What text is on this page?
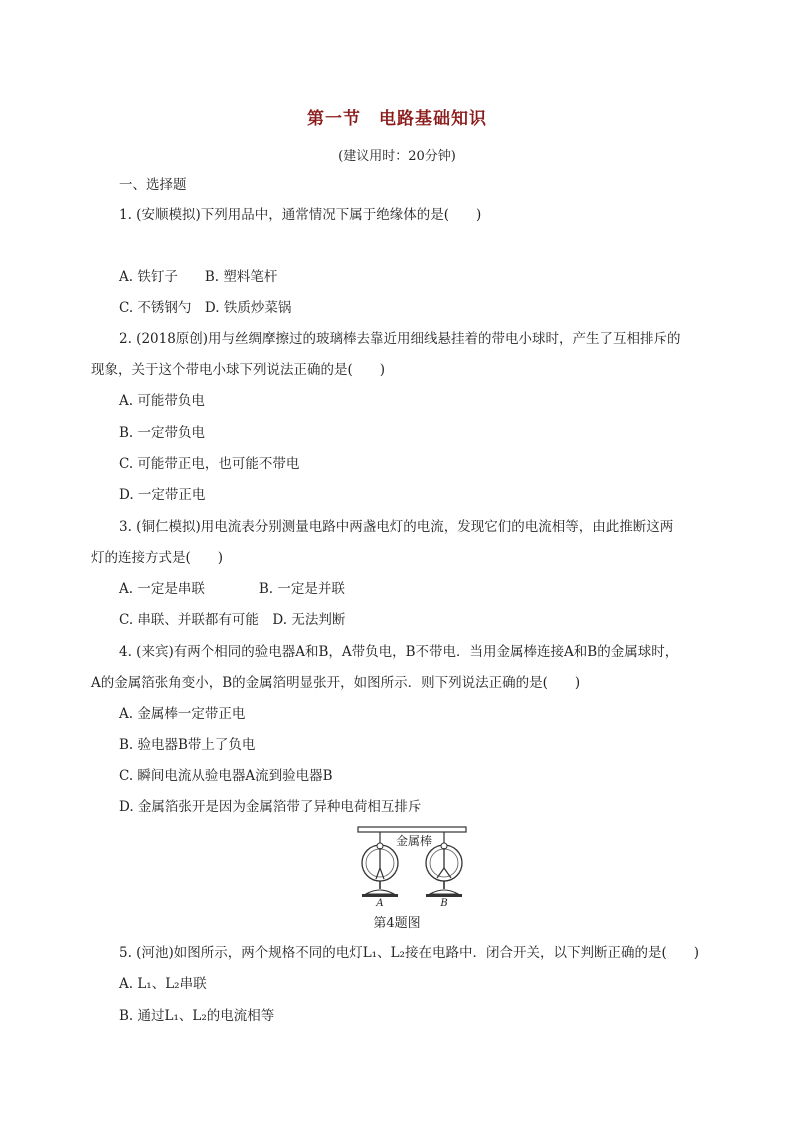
第一节　电路基础知识
(建议用时：20分钟)
一、选择题
1. (安顺模拟)下列用品中，通常情况下属于绝缘体的是(　　)
A. 铁钉子　　B. 塑料笔杆
C. 不锈钢勺　D. 铁质炒菜锅
2. (2018原创)用与丝绸摩擦过的玻璃棒去靠近用细线悬挂着的带电小球时，产生了互相排斥的
现象，关于这个带电小球下列说法正确的是(　　)
A. 可能带负电
B. 一定带负电
C. 可能带正电，也可能不带电
D. 一定带正电
3. (铜仁模拟)用电流表分别测量电路中两盏电灯的电流，发现它们的电流相等，由此推断这两
灯的连接方式是(　　)
A. 一定是串联　　　　B. 一定是并联
C. 串联、并联都有可能　D. 无法判断
4. (来宾)有两个相同的验电器A和B，A带负电，B不带电．当用金属棒连接A和B的金属球时，
A的金属箔张角变小，B的金属箔明显张开，如图所示．则下列说法正确的是(　　)
A. 金属棒一定带正电
B. 验电器B带上了负电
C. 瞬间电流从验电器A流到验电器B
D. 金属箔张开是因为金属箔带了异种电荷相互排斥
金属棒
A	B
第4题图
5. (河池)如图所示，两个规格不同的电灯L₁、L₂接在电路中．闭合开关，以下判断正确的是(　　)
A. L₁、L₂串联
B. 通过L₁、L₂的电流相等
